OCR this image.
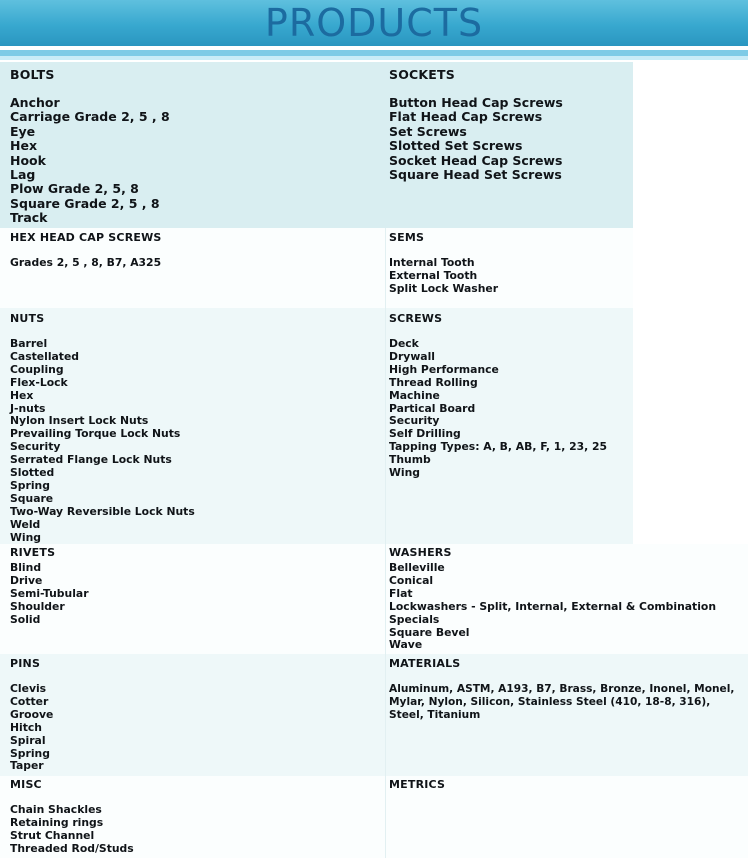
PRODUCTS
BOLTS
Anchor
Carriage Grade 2, 5 , 8
Eye
Hex
Hook
Lag
Plow Grade 2, 5, 8
Square Grade 2, 5 , 8
Track
SOCKETS
Button Head Cap Screws
Flat Head Cap Screws
Set Screws
Slotted Set Screws
Socket Head Cap Screws
Square Head Set Screws
HEX HEAD CAP SCREWS
Grades 2, 5 , 8, B7, A325
SEMS
Internal Tooth
External Tooth
Split Lock Washer
NUTS
Barrel
Castellated
Coupling
Flex-Lock
Hex
J-nuts
Nylon Insert Lock Nuts
Prevailing Torque Lock Nuts
Security
Serrated Flange Lock Nuts
Slotted
Spring
Square
Two-Way Reversible Lock Nuts
Weld
Wing
SCREWS
Deck
Drywall
High Performance
Thread Rolling
Machine
Partical Board
Security
Self Drilling
Tapping Types: A, B, AB, F, 1, 23, 25
Thumb
Wing
RIVETS
Blind
Drive
Semi-Tubular
Shoulder
Solid
WASHERS
Belleville
Conical
Flat
Lockwashers - Split, Internal, External & Combination
Specials
Square Bevel
Wave
PINS
Clevis
Cotter
Groove
Hitch
Spiral
Spring
Taper
MATERIALS
Aluminum, ASTM, A193, B7, Brass, Bronze, Inonel, Monel, Mylar, Nylon, Silicon, Stainless Steel (410, 18-8, 316), Steel, Titanium
MISC
Chain Shackles
Retaining rings
Strut Channel
Threaded Rod/Studs
METRICS
